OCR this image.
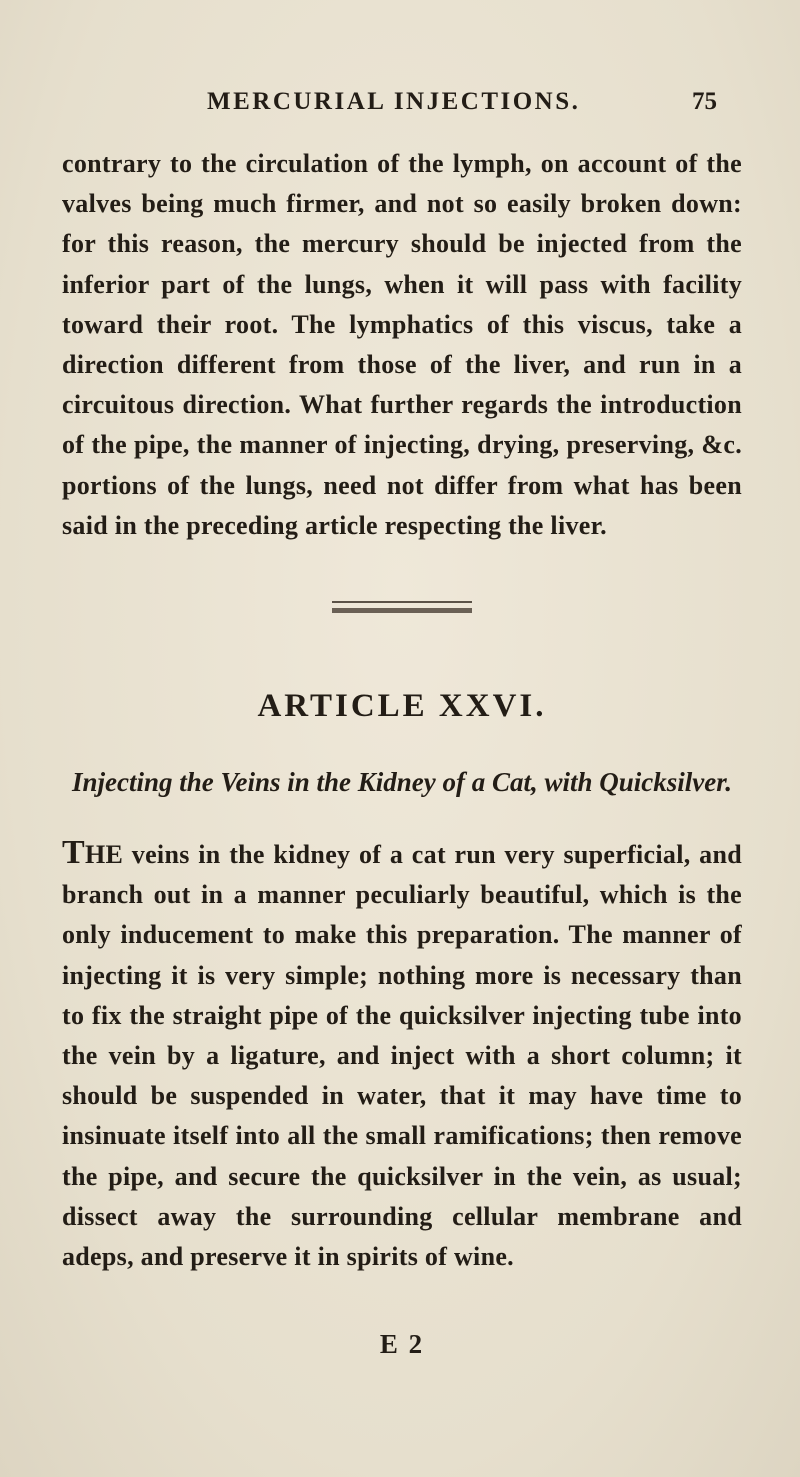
MERCURIAL INJECTIONS.	75

contrary to the circulation of the lymph, on account of the valves being much firmer, and not so easily broken down: for this reason, the mercury should be injected from the inferior part of the lungs, when it will pass with facility toward their root. The lymphatics of this viscus, take a direction different from those of the liver, and run in a circuitous direction. What further regards the introduction of the pipe, the manner of injecting, drying, preserving, &c. portions of the lungs, need not differ from what has been said in the preceding article respecting the liver.

ARTICLE XXVI.
Injecting the Veins in the Kidney of a Cat, with Quicksilver.

THE veins in the kidney of a cat run very superficial, and branch out in a manner peculiarly beautiful, which is the only inducement to make this preparation. The manner of injecting it is very simple; nothing more is necessary than to fix the straight pipe of the quicksilver injecting tube into the vein by a ligature, and inject with a short column; it should be suspended in water, that it may have time to insinuate itself into all the small ramifications; then remove the pipe, and secure the quicksilver in the vein, as usual; dissect away the surrounding cellular membrane and adeps, and preserve it in spirits of wine.

E 2
